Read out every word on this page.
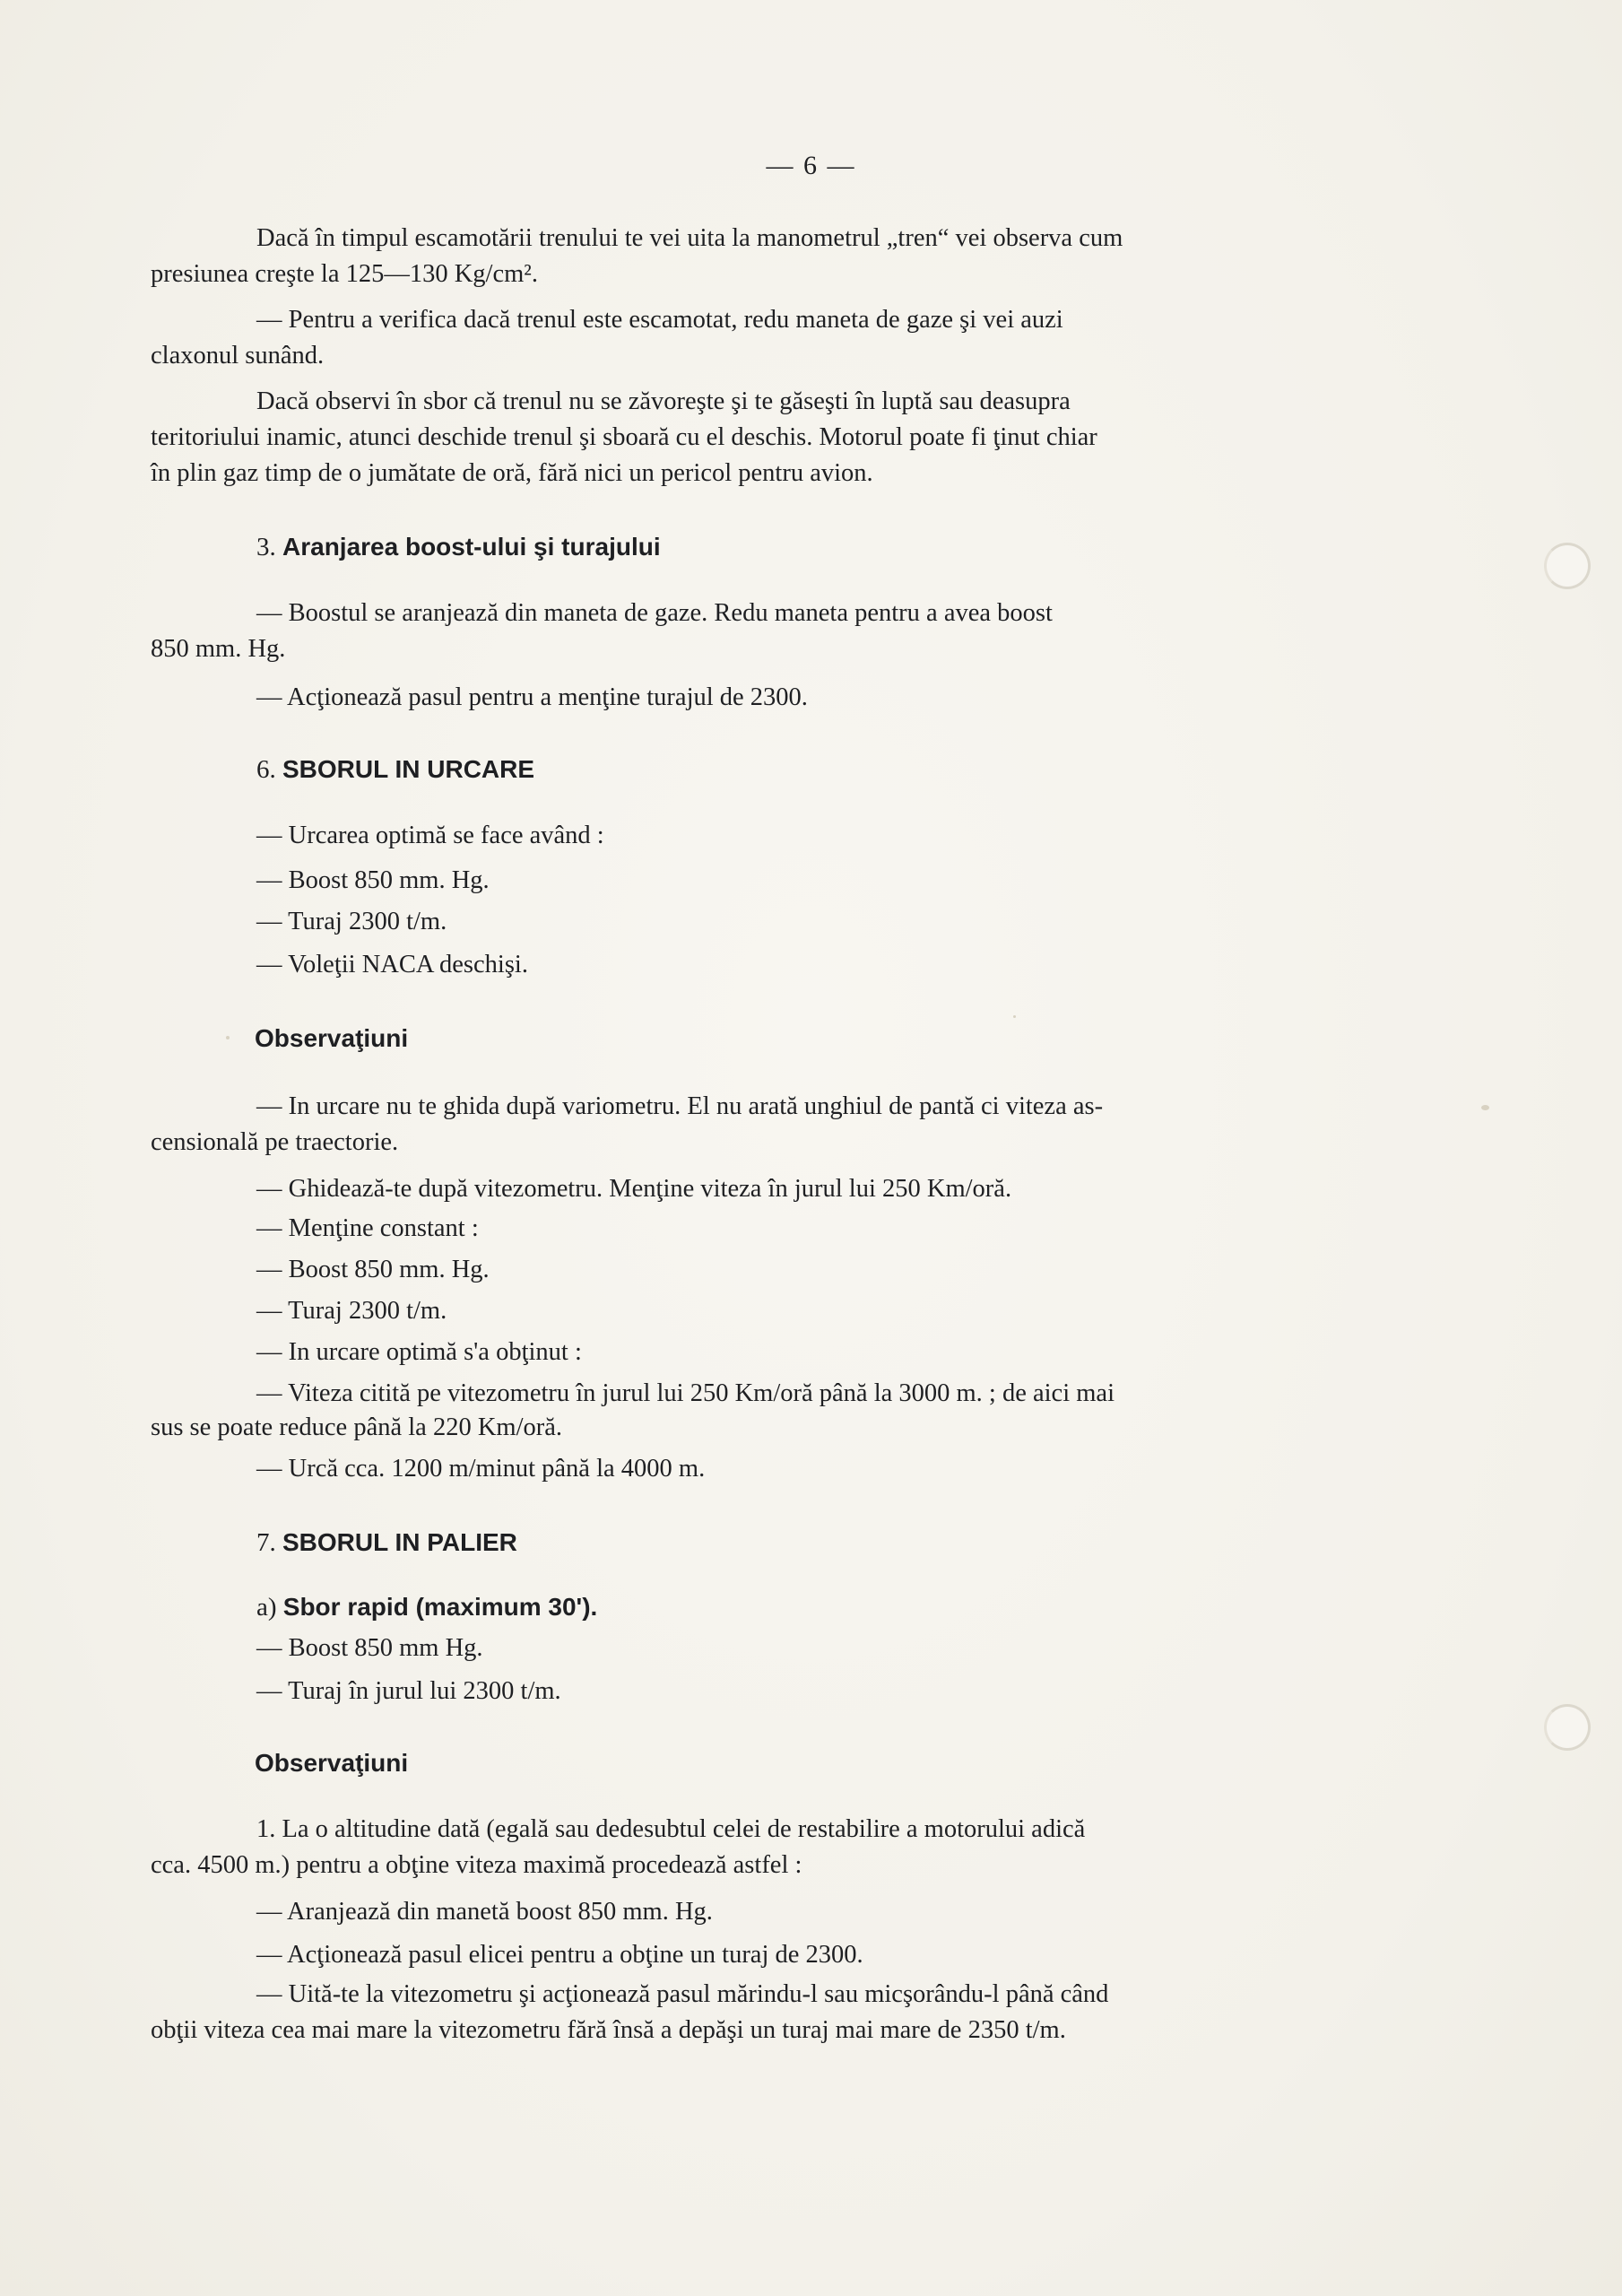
— 6 —
Dacă în timpul escamotării trenului te vei uita la manometrul „tren“ vei observa cum
presiunea creşte la 125—130 Kg/cm².
— Pentru a verifica dacă trenul este escamotat, redu maneta de gaze şi vei auzi
claxonul sunând.
Dacă observi în sbor că trenul nu se zăvoreşte şi te găseşti în luptă sau deasupra
teritoriului inamic, atunci deschide trenul şi sboară cu el deschis. Motorul poate fi ţinut chiar
în plin gaz timp de o jumătate de oră, fără nici un pericol pentru avion.
3. Aranjarea boost-ului şi turajului
— Boostul se aranjează din maneta de gaze. Redu maneta pentru a avea boost
850 mm. Hg.
— Acţionează pasul pentru a menţine turajul de 2300.
6. SBORUL IN URCARE
— Urcarea optimă se face având :
— Boost 850 mm. Hg.
— Turaj 2300 t/m.
— Voleţii NACA deschişi.
Observaţiuni
— In urcare nu te ghida după variometru. El nu arată unghiul de pantă ci viteza as-
censională pe traectorie.
— Ghidează-te după vitezometru. Menţine viteza în jurul lui 250 Km/oră.
— Menţine constant :
— Boost 850 mm. Hg.
— Turaj 2300 t/m.
— In urcare optimă s'a obţinut :
— Viteza citită pe vitezometru în jurul lui 250 Km/oră până la 3000 m. ; de aici mai
sus se poate reduce până la 220 Km/oră.
— Urcă cca. 1200 m/minut până la 4000 m.
7. SBORUL IN PALIER
a) Sbor rapid (maximum 30').
— Boost 850 mm Hg.
— Turaj în jurul lui 2300 t/m.
Observaţiuni
1. La o altitudine dată (egală sau dedesubtul celei de restabilire a motorului adică
cca. 4500 m.) pentru a obţine viteza maximă procedează astfel :
— Aranjează din manetă boost 850 mm. Hg.
— Acţionează pasul elicei pentru a obţine un turaj de 2300.
— Uită-te la vitezometru şi acţionează pasul mărindu-l sau micşorându-l până când
obţii viteza cea mai mare la vitezometru fără însă a depăşi un turaj mai mare de 2350 t/m.
